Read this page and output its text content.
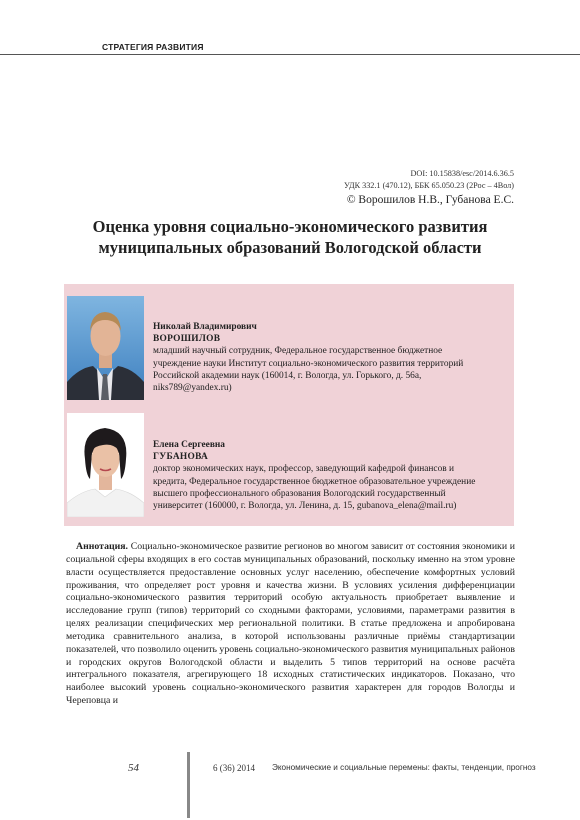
СТРАТЕГИЯ РАЗВИТИЯ
DOI: 10.15838/esc/2014.6.36.5
УДК 332.1 (470.12), ББК 65.050.23 (2Рос – 4Вол)
© Ворошилов Н.В., Губанова Е.С.
Оценка уровня социально-экономического развития
муниципальных образований Вологодской области
Николай Владимирович
ВОРОШИЛОВ
младший научный сотрудник, Федеральное государственное бюджетное
учреждение науки Институт социально-экономического развития территорий
Российской академии наук (160014, г. Вологда, ул. Горького, д. 56а,
niks789@yandex.ru)
Елена Сергеевна
ГУБАНОВА
доктор экономических наук, профессор, заведующий кафедрой финансов и
кредита, Федеральное государственное бюджетное образовательное учреждение
высшего профессионального образования Вологодский государственный
университет (160000, г. Вологда, ул. Ленина, д. 15, gubanova_elena@mail.ru)

Аннотация. Социально-экономическое развитие регионов во многом зависит от состояния экономики и социальной сферы входящих в его состав муниципальных образований, поскольку именно на этом уровне власти осуществляется предоставление основных услуг населению, обеспечение комфортных условий проживания, что определяет рост уровня и качества жизни. В условиях усиления дифференциации социально-экономического развития территорий особую актуальность приобретает выявление и исследование групп (типов) территорий со сходными факторами, условиями, параметрами развития в целях реализации специфических мер региональной политики. В статье предложена и апробирована методика сравнительного анализа, в которой использованы различные приёмы стандартизации показателей, что позволило оценить уровень социально-экономического развития муниципальных районов и городских округов Вологодской области и выделить 5 типов территорий на основе расчёта интегрального показателя, агрегирующего 18 исходных статистических индикаторов. Показано, что наиболее высокий уровень социально-экономического развития характерен для городов Вологды и Череповца и

54	6 (36) 2014 Экономические и социальные перемены: факты, тенденции, прогноз
